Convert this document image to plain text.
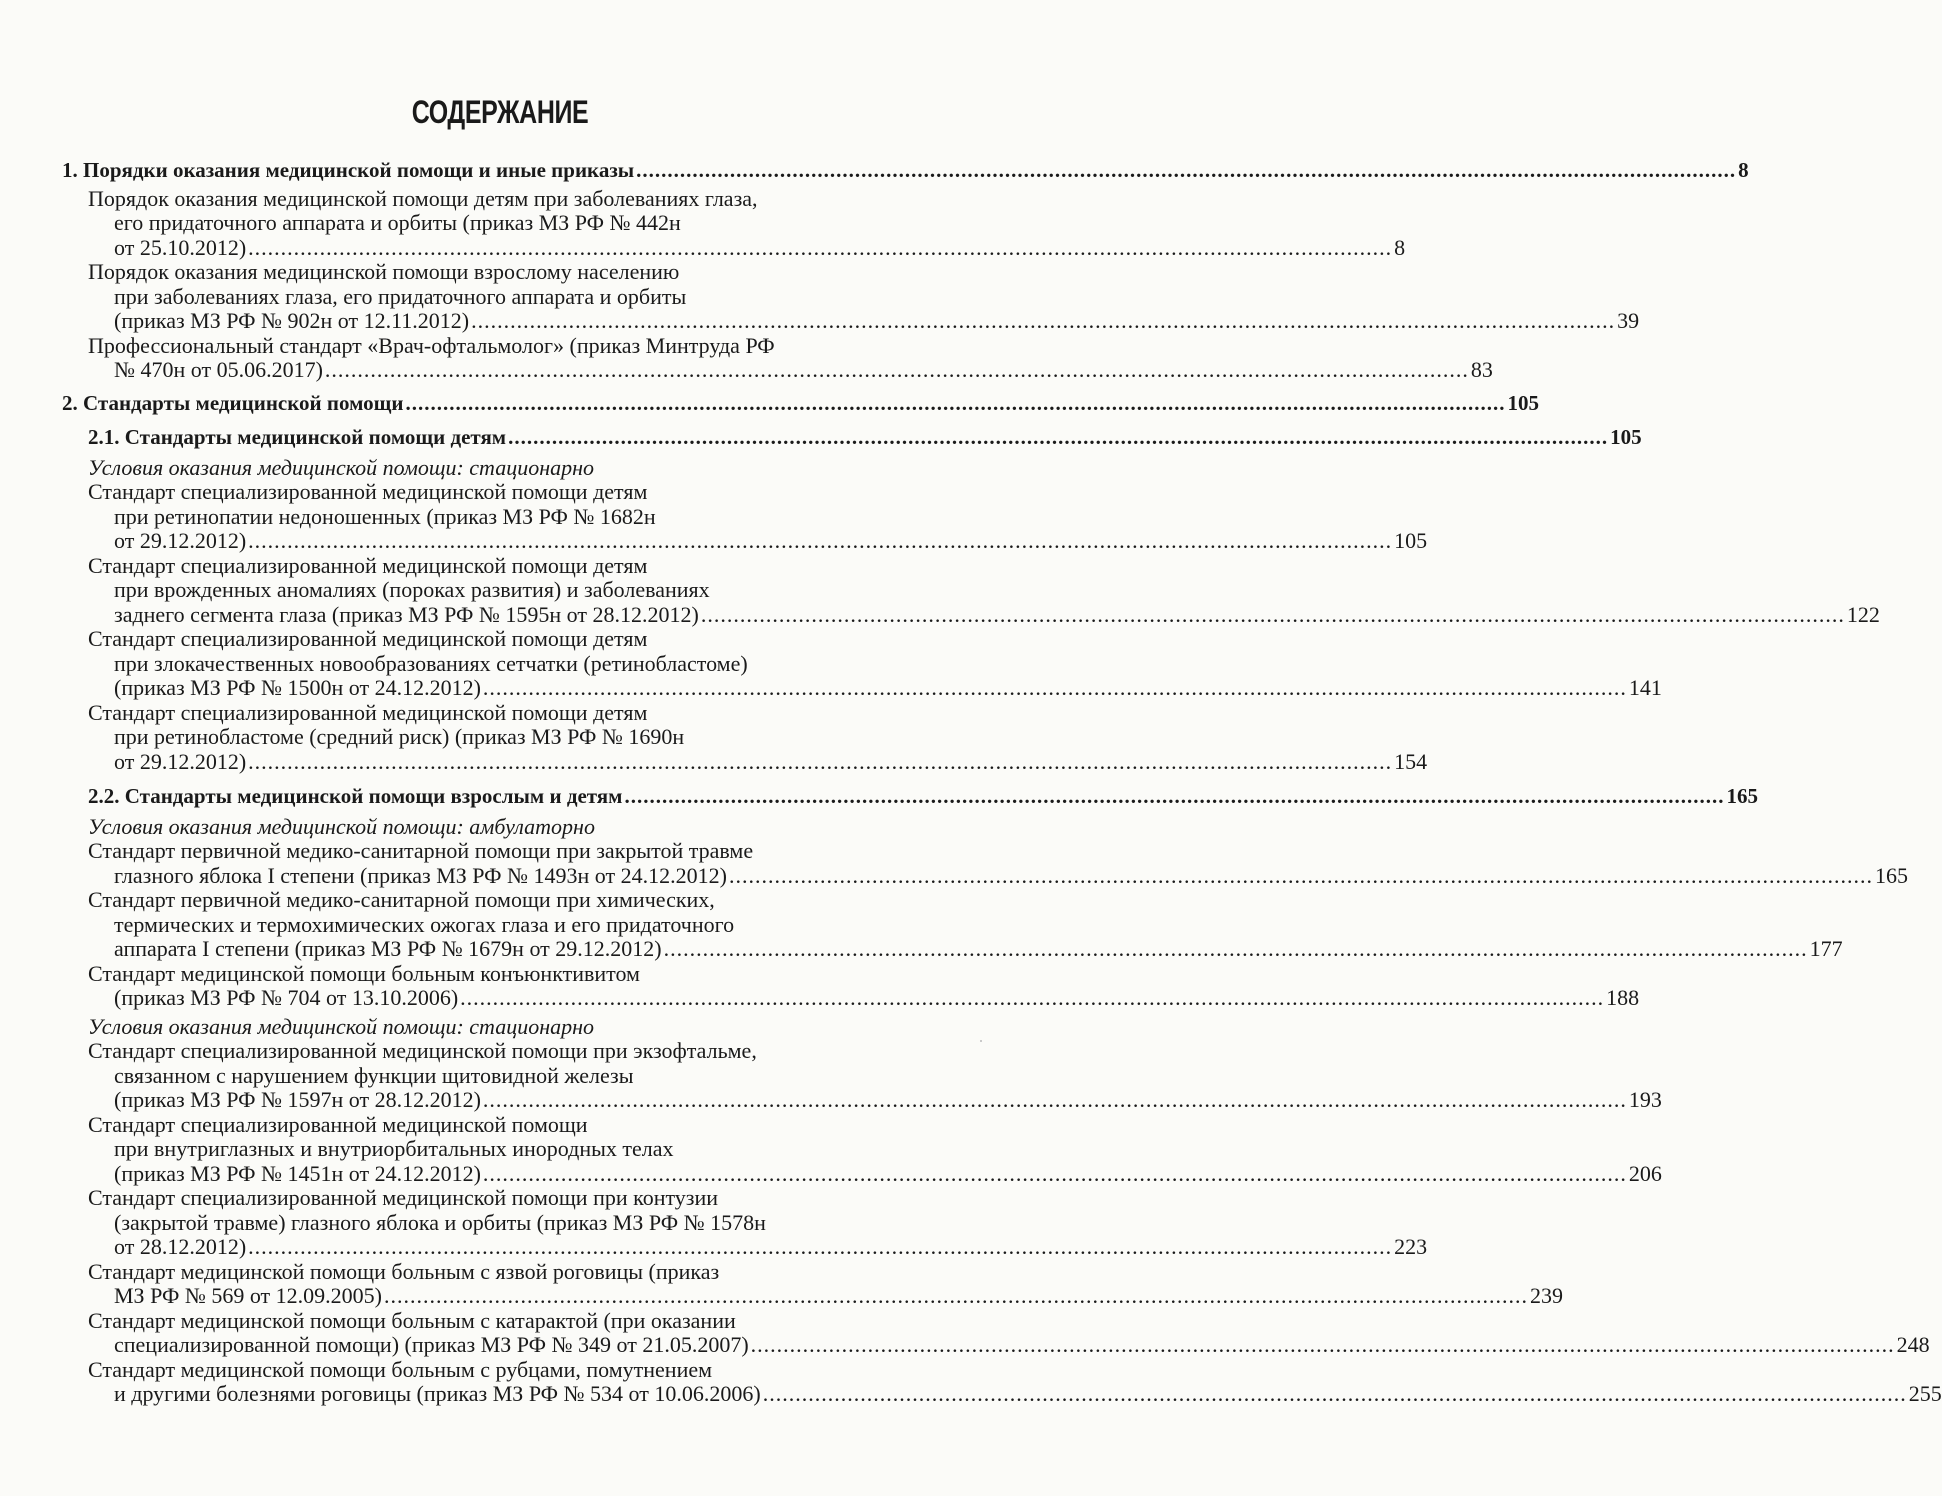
СОДЕРЖАНИЕ
1. Порядки оказания медицинской помощи и иные приказы .....	8
Порядок оказания медицинской помощи детям при заболеваниях глаза,
его придаточного аппарата и орбиты (приказ МЗ РФ № 442н
от 25.10.2012) .....	8
Порядок оказания медицинской помощи взрослому населению
при заболеваниях глаза, его придаточного аппарата и орбиты
(приказ МЗ РФ № 902н от 12.11.2012) .....	39
Профессиональный стандарт «Врач-офтальмолог» (приказ Минтруда РФ
№ 470н от 05.06.2017) .....	83
2. Стандарты медицинской помощи .....	105
2.1. Стандарты медицинской помощи детям .....	105
Условия оказания медицинской помощи: стационарно
Стандарт специализированной медицинской помощи детям
при ретинопатии недоношенных (приказ МЗ РФ № 1682н
от 29.12.2012) .....	105
Стандарт специализированной медицинской помощи детям
при врожденных аномалиях (пороках развития) и заболеваниях
заднего сегмента глаза (приказ МЗ РФ № 1595н от 28.12.2012) .....	122
Стандарт специализированной медицинской помощи детям
при злокачественных новообразованиях сетчатки (ретинобластоме)
(приказ МЗ РФ № 1500н от 24.12.2012) .....	141
Стандарт специализированной медицинской помощи детям
при ретинобластоме (средний риск) (приказ МЗ РФ № 1690н
от 29.12.2012) .....	154
2.2. Стандарты медицинской помощи взрослым и детям .....	165
Условия оказания медицинской помощи: амбулаторно
Стандарт первичной медико-санитарной помощи при закрытой травме
глазного яблока I степени (приказ МЗ РФ № 1493н от 24.12.2012) .....	165
Стандарт первичной медико-санитарной помощи при химических,
термических и термохимических ожогах глаза и его придаточного
аппарата I степени (приказ МЗ РФ № 1679н от 29.12.2012) .....	177
Стандарт медицинской помощи больным конъюнктивитом
(приказ МЗ РФ № 704 от 13.10.2006) .....	188
Условия оказания медицинской помощи: стационарно
Стандарт специализированной медицинской помощи при экзофтальме,
связанном с нарушением функции щитовидной железы
(приказ МЗ РФ № 1597н от 28.12.2012) .....	193
Стандарт специализированной медицинской помощи
при внутриглазных и внутриорбитальных инородных телах
(приказ МЗ РФ № 1451н от 24.12.2012) .....	206
Стандарт специализированной медицинской помощи при контузии
(закрытой травме) глазного яблока и орбиты (приказ МЗ РФ № 1578н
от 28.12.2012) .....	223
Стандарт медицинской помощи больным с язвой роговицы (приказ
МЗ РФ № 569 от 12.09.2005) .....	239
Стандарт медицинской помощи больным с катарактой (при оказании
специализированной помощи) (приказ МЗ РФ № 349 от 21.05.2007) .....	248
Стандарт медицинской помощи больным с рубцами, помутнением
и другими болезнями роговицы (приказ МЗ РФ № 534 от 10.06.2006) .....	255
